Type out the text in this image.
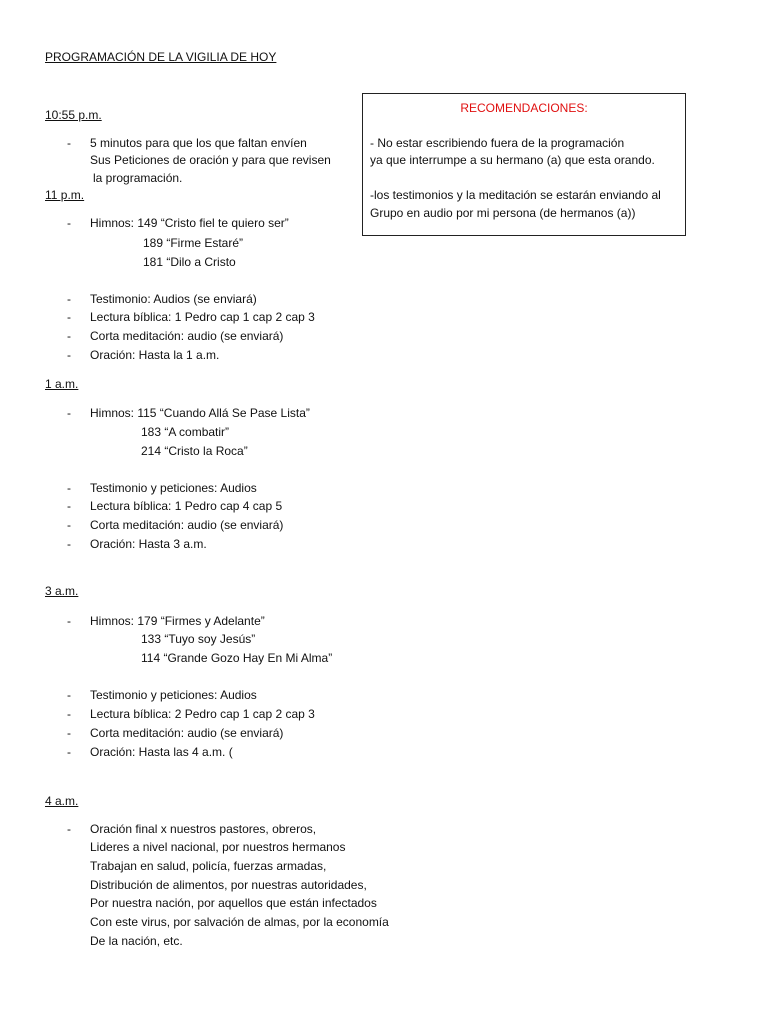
PROGRAMACIÓN DE LA VIGILIA DE HOY
10:55 p.m.
- 5 minutos para que los que faltan envíen
Sus Peticiones de oración y para que revisen
la programación.
11 p.m.
- Himnos: 149 “Cristo fiel te quiero ser”
189 “Firme Estaré”
181 “Dilo a Cristo
- Testimonio: Audios (se enviará)
- Lectura bíblica: 1 Pedro cap 1 cap 2 cap 3
- Corta meditación: audio (se enviará)
- Oración: Hasta la 1 a.m.
1 a.m.
- Himnos: 115 “Cuando Allá Se Pase Lista”
183 “A combatir”
214 “Cristo la Roca”
- Testimonio y peticiones: Audios
- Lectura bíblica: 1 Pedro cap 4 cap 5
- Corta meditación: audio (se enviará)
- Oración: Hasta 3 a.m.
3 a.m.
- Himnos: 179 “Firmes y Adelante”
133 “Tuyo soy Jesús”
114 “Grande Gozo Hay En Mi Alma”
- Testimonio y peticiones: Audios
- Lectura bíblica: 2 Pedro cap 1 cap 2 cap 3
- Corta meditación: audio (se enviará)
- Oración: Hasta las 4 a.m. (
4 a.m.
- Oración final x nuestros pastores, obreros,
Lideres a nivel nacional, por nuestros hermanos
Trabajan en salud, policía, fuerzas armadas,
Distribución de alimentos, por nuestras autoridades,
Por nuestra nación, por aquellos que están infectados
Con este virus, por salvación de almas, por la economía
De la nación, etc.
RECOMENDACIONES:
- No estar escribiendo fuera de la programación
ya que interrumpe a su hermano (a) que esta orando.
-los testimonios y la meditación se estarán enviando al
Grupo en audio por mi persona (de hermanos (a))
